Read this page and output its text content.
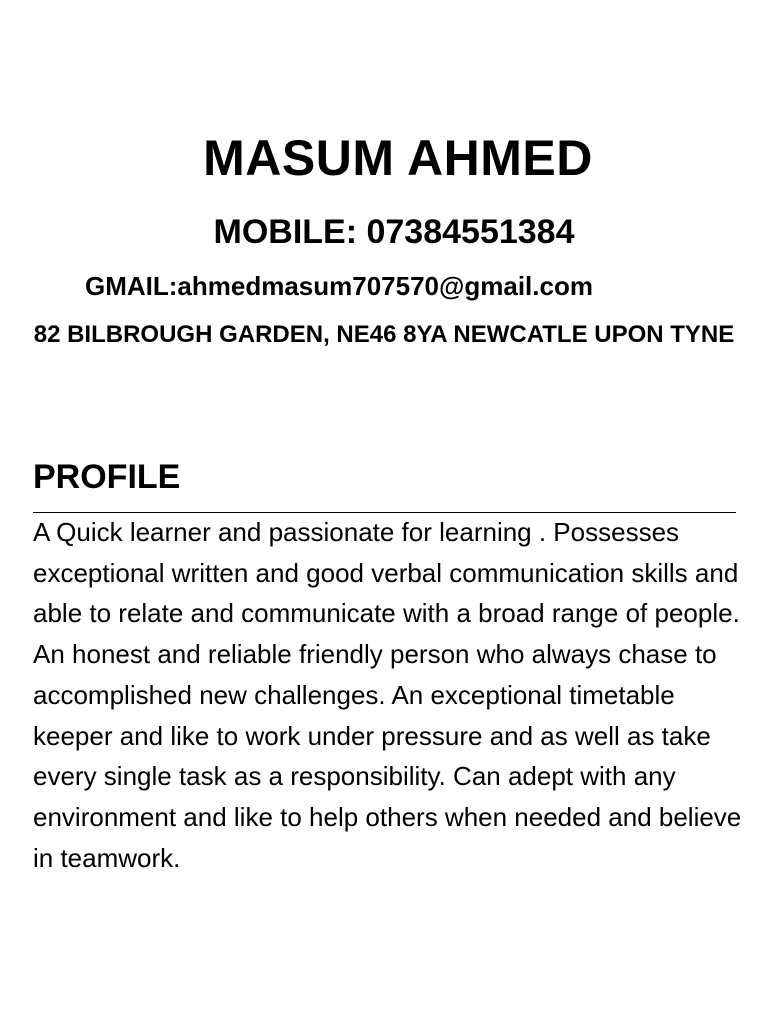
MASUM AHMED
MOBILE: 07384551384
GMAIL:ahmedmasum707570@gmail.com
82 BILBROUGH GARDEN, NE46 8YA NEWCATLE UPON TYNE
PROFILE

A Quick learner and passionate for learning . Possesses exceptional written and good verbal communication skills and able to relate and communicate with a broad range of people. An honest and reliable friendly person who always chase to accomplished new challenges. An exceptional timetable keeper and like to work under pressure and as well as take every single task as a responsibility. Can adept with any environment and like to help others when needed and believe in teamwork.
